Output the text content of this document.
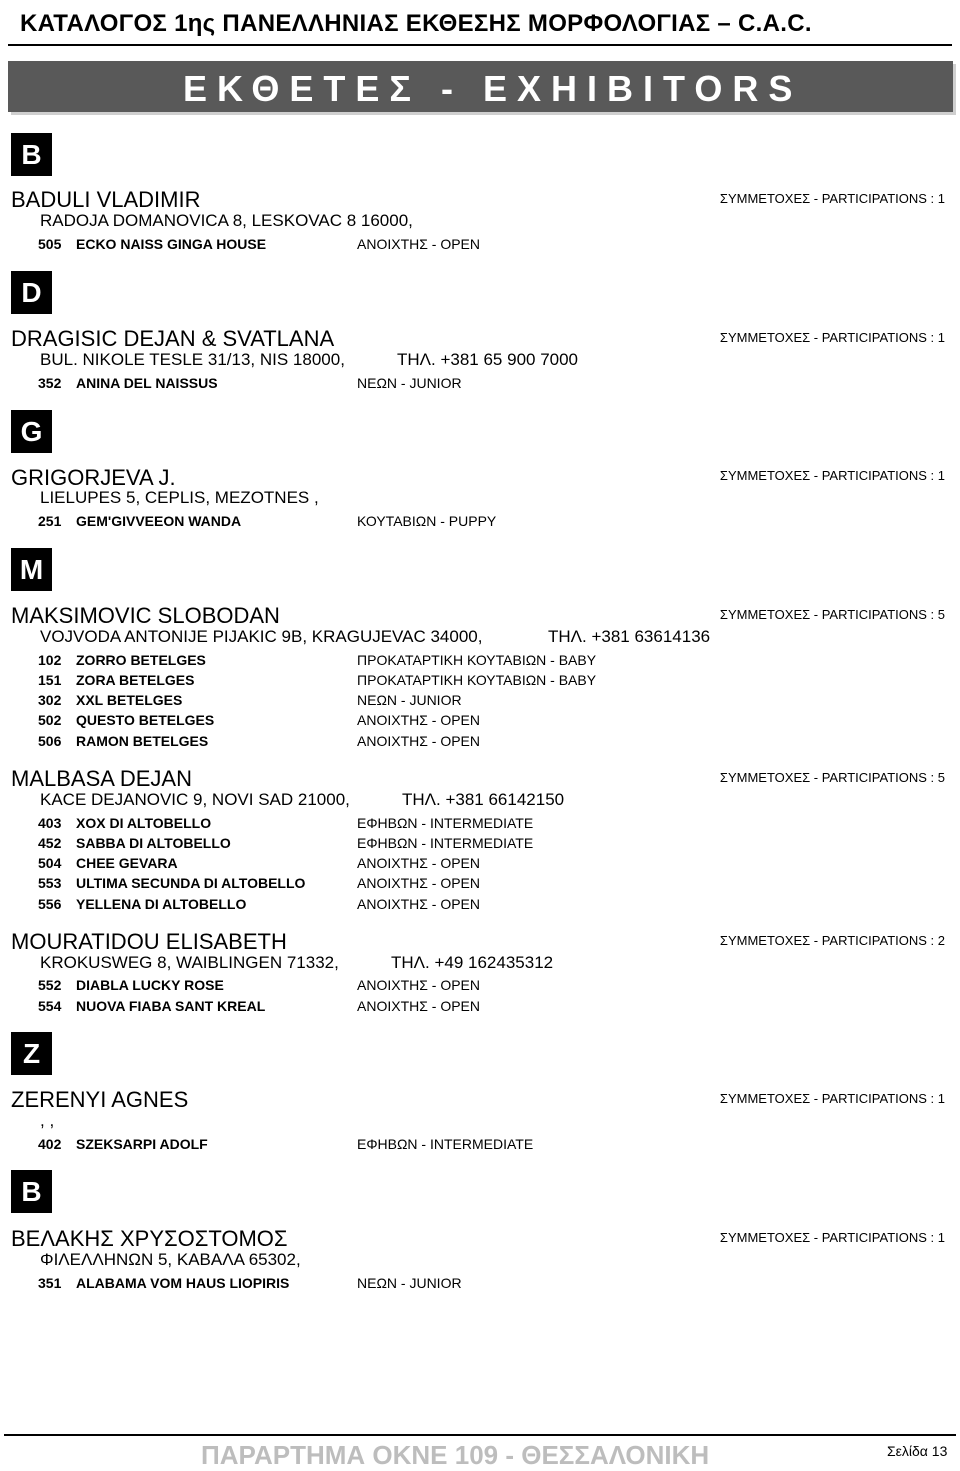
ΚΑΤΑΛΟΓΟΣ 1ης ΠΑΝΕΛΛΗΝΙΑΣ ΕΚΘΕΣΗΣ ΜΟΡΦΟΛΟΓΙΑΣ – C.A.C.
ΕΚΘΕΤΕΣ - EXHIBITORS
B
D
G
M
Z
B
BADULI VLADIMIR	ΣΥΜΜΕΤΟΧΕΣ - PARTICIPATIONS : 1
RADOJA DOMANOVICA 8, LESKOVAC 8 16000,
505 ECKO NAISS GINGA HOUSE	ΑΝΟΙΧΤΗΣ - OPEN
DRAGISIC DEJAN & SVATLANA	ΣΥΜΜΕΤΟΧΕΣ - PARTICIPATIONS : 1
BUL. NIKOLE TESLE 31/13, NIS 18000,	ΤΗΛ. +381 65 900 7000
352 ANINA DEL NAISSUS	ΝΕΩΝ - JUNIOR
GRIGORJEVA J.	ΣΥΜΜΕΤΟΧΕΣ - PARTICIPATIONS : 1
LIELUPES 5, CEPLIS, MEZOTNES ,
251 GEM'GIVVEEON WANDA	ΚΟΥΤΑΒΙΩΝ - PUPPY
MAKSIMOVIC SLOBODAN	ΣΥΜΜΕΤΟΧΕΣ - PARTICIPATIONS : 5
VOJVODA ANTONIJE PIJAKIC 9B, KRAGUJEVAC 34000,	ΤΗΛ. +381 63614136
102 ZORRO BETELGES	ΠΡΟΚΑΤΑΡΤΙΚΗ ΚΟΥΤΑΒΙΩΝ - BABY
151 ZORA BETELGES	ΠΡΟΚΑΤΑΡΤΙΚΗ ΚΟΥΤΑΒΙΩΝ - BABY
302 XXL BETELGES	ΝΕΩΝ - JUNIOR
502 QUESTO BETELGES	ΑΝΟΙΧΤΗΣ - OPEN
506 RAMON BETELGES	ΑΝΟΙΧΤΗΣ - OPEN
MALBASA DEJAN	ΣΥΜΜΕΤΟΧΕΣ - PARTICIPATIONS : 5
KACE DEJANOVIC 9, NOVI SAD 21000,	ΤΗΛ. +381 66142150
403 XOX DI ALTOBELLO	ΕΦΗΒΩΝ - INTERMEDIATE
452 SABBA DI ALTOBELLO	ΕΦΗΒΩΝ - INTERMEDIATE
504 CHEE GEVARA	ΑΝΟΙΧΤΗΣ - OPEN
553 ULTIMA SECUNDA DI ALTOBELLO	ΑΝΟΙΧΤΗΣ - OPEN
556 YELLENA DI ALTOBELLO	ΑΝΟΙΧΤΗΣ - OPEN
MOURATIDOU ELISABETH	ΣΥΜΜΕΤΟΧΕΣ - PARTICIPATIONS : 2
KROKUSWEG 8, WAIBLINGEN 71332,	ΤΗΛ. +49 162435312
552 DIABLA LUCKY ROSE	ΑΝΟΙΧΤΗΣ - OPEN
554 NUOVA FIABA SANT KREAL	ΑΝΟΙΧΤΗΣ - OPEN
ZERENYI AGNES	ΣΥΜΜΕΤΟΧΕΣ - PARTICIPATIONS : 1
, ,
402 SZEKSARPI ADOLF	ΕΦΗΒΩΝ - INTERMEDIATE
ΒΕΛΑΚΗΣ ΧΡΥΣΟΣΤΟΜΟΣ	ΣΥΜΜΕΤΟΧΕΣ - PARTICIPATIONS : 1
ΦΙΛΕΛΛΗΝΩΝ 5, ΚΑΒΑΛΑ 65302,
351 ALABAMA VOM HAUS LIOPIRIS	ΝΕΩΝ - JUNIOR
ΠΑΡΑΡΤΗΜΑ ΟΚΝΕ 109 - ΘΕΣΣΑΛΟΝΙΚΗ	Σελίδα 13
